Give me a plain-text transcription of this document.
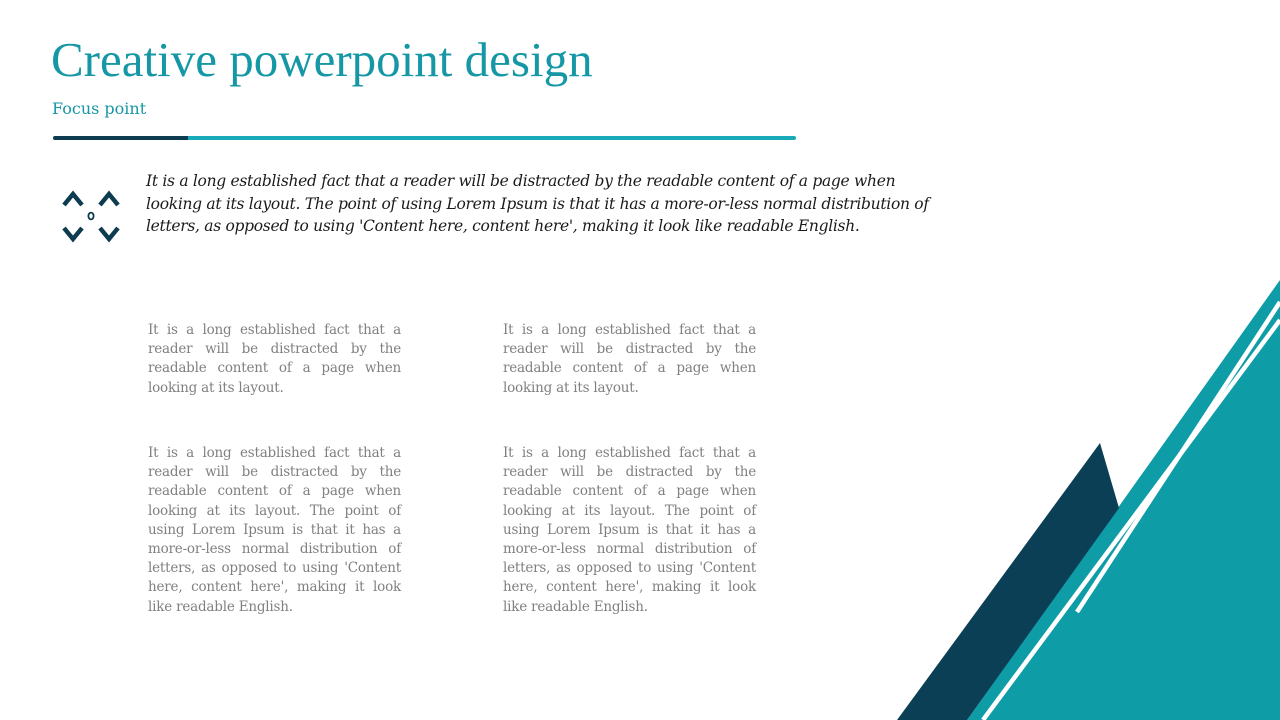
Creative powerpoint design
Focus point

It is a long established fact that a reader will be distracted by the readable content of a page when looking at its layout. The point of using Lorem Ipsum is that it has a more-or-less normal distribution of letters, as opposed to using 'Content here, content here', making it look like readable English.

It is a long established fact that a reader will be distracted by the readable content of a page when looking at its layout.

It is a long established fact that a reader will be distracted by the readable content of a page when looking at its layout.

It is a long established fact that a reader will be distracted by the readable content of a page when looking at its layout. The point of using Lorem Ipsum is that it has a more-or-less normal distribution of letters, as opposed to using 'Content here, content here', making it look like readable English.

It is a long established fact that a reader will be distracted by the readable content of a page when looking at its layout. The point of using Lorem Ipsum is that it has a more-or-less normal distribution of letters, as opposed to using 'Content here, content here', making it look like readable English.
